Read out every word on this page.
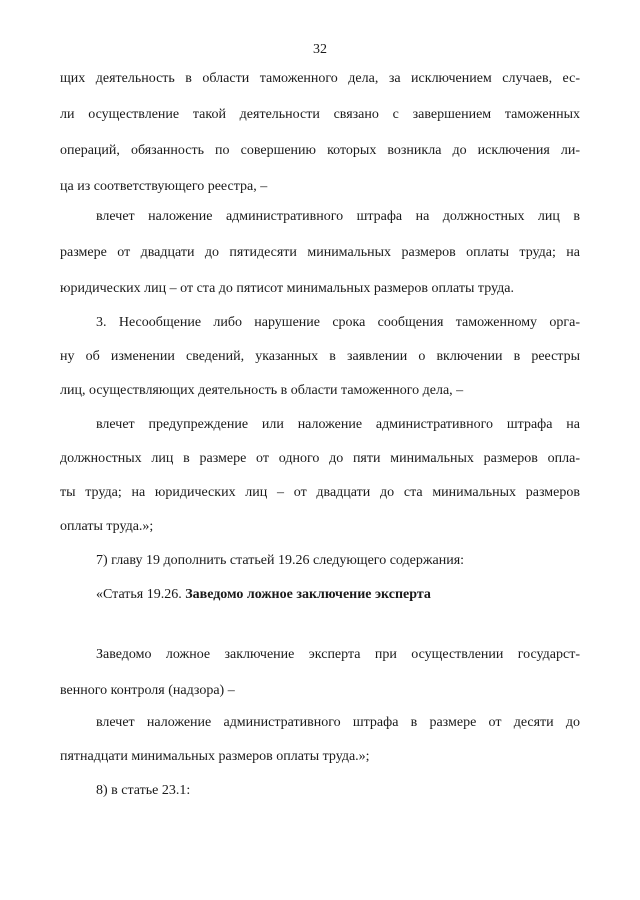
32
щих деятельность в области таможенного дела, за исключением случаев, ес-
ли осуществление такой деятельности связано с завершением таможенных
операций, обязанность по совершению которых возникла до исключения ли-
ца из соответствующего реестра, –
влечет наложение административного штрафа на должностных лиц в
размере от двадцати до пятидесяти минимальных размеров оплаты труда; на
юридических лиц – от ста до пятисот минимальных размеров оплаты труда.
3. Несообщение либо нарушение срока сообщения таможенному орга-
ну об изменении сведений, указанных в заявлении о включении в реестры
лиц, осуществляющих деятельность в области таможенного дела, –
влечет предупреждение или наложение административного штрафа на
должностных лиц в размере от одного до пяти минимальных размеров опла-
ты труда; на юридических лиц – от двадцати до ста минимальных размеров
оплаты труда.»;
7) главу 19 дополнить статьей 19.26 следующего содержания:
«Статья 19.26. Заведомо ложное заключение эксперта
Заведомо ложное заключение эксперта при осуществлении государст-
венного контроля (надзора) –
влечет наложение административного штрафа в размере от десяти до
пятнадцати минимальных размеров оплаты труда.»;
8) в статье 23.1:
